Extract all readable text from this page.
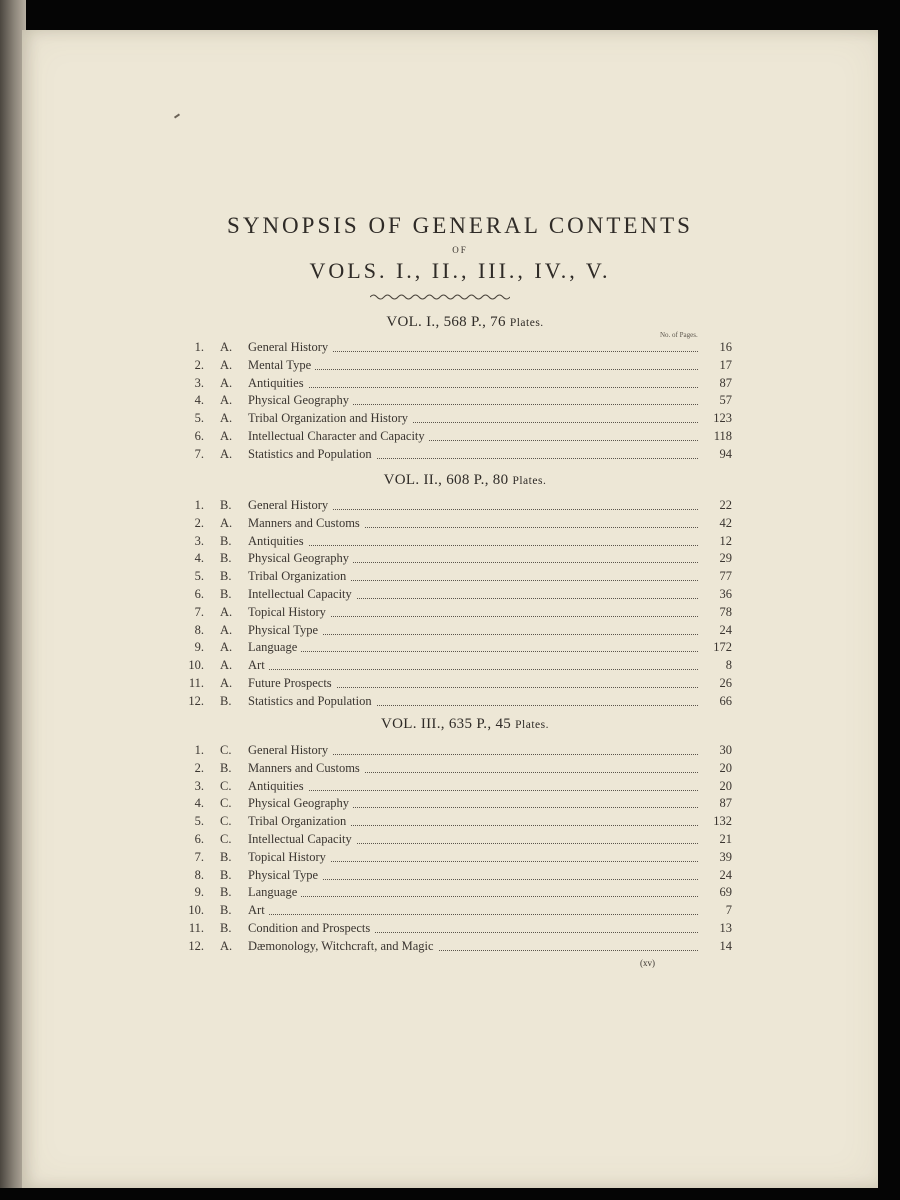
SYNOPSIS OF GENERAL CONTENTS
OF
VOLS. I., II., III., IV., V.
No. of Pages.
VOL. I., 568 P., 76 Plates.
1. A. General History	16
2. A. Mental Type	17
3. A. Antiquities	87
4. A. Physical Geography	57
5. A. Tribal Organization and History	123
6. A. Intellectual Character and Capacity	118
7. A. Statistics and Population	94
VOL. II., 608 P., 80 Plates.
1. B. General History	22
2. A. Manners and Customs	42
3. B. Antiquities	12
4. B. Physical Geography	29
5. B. Tribal Organization	77
6. B. Intellectual Capacity	36
7. A. Topical History	78
8. A. Physical Type	24
9. A. Language	172
10. A. Art	8
11. A. Future Prospects	26
12. B. Statistics and Population	66
VOL. III., 635 P., 45 Plates.
1. C. General History	30
2. B. Manners and Customs	20
3. C. Antiquities	20
4. C. Physical Geography	87
5. C. Tribal Organization	132
6. C. Intellectual Capacity	21
7. B. Topical History	39
8. B. Physical Type	24
9. B. Language	69
10. B. Art	7
11. B. Condition and Prospects	13
12. A. Dæmonology, Witchcraft, and Magic	14
(xv)
